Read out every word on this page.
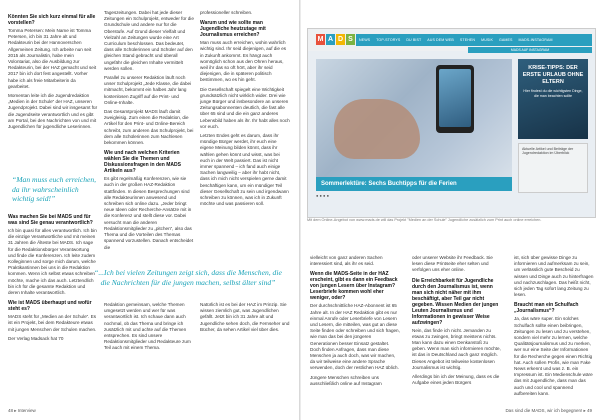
Könnten Sie sich kurz einmal für alle vorstellen?

Tomma Petersen: Mein Name ist Tomma Petersen, ich bin 31 Jahre alt und Redakteurin bei der Hannoverschen Allgemeinen Zeitung. Ich arbeite nun seit 2015 als Journalistin, habe mein Volontariat, also die Ausbildung zur Redakteurin, bei der HAZ gemacht und seit 2017 bin ich dort fest angestellt. Vorher habe ich als freie Mitarbeiterin da gearbeitet.

Momentan leite ich die Jugendredaktion „Medien in der Schule“ der HAZ, unseren Jugendprojekt. Dabei sind wir insgesamt für die Jugendseite verantwortlich und es gibt am Portal, bei den Nachrichten von und mit Jugendlichen für jugendliche Leserinnen.

“Man muss euch erreichen, da ihr wahrscheinlich wichtig seid!”
Was machen Sie bei MADS und für was sind Sie genau verantwortlich?

Ich bin quasi für alles verantwortlich. Ich bin die einzige Verantwortliche und mit meinen 31 Jahren die Älteste bei MADS. Ich sage für die Redaktionsbürger Verantwortung und finde die Konferenzen. Ich leite zudem Kolleginnen und sorge mich darum, welche Praktikantinnen bei uns in die Redaktion kommen. Wenn ich selbst etwas schreiben möchte, mache ich das auch. Letztendlich bin ich für die gesamte Redaktion und deren Inhalte verantwortlich.

Wie ist MADS überhaupt und wofür steht es?

MADS steht für „Medien an der Schule“. Es ist ein Projekt, bei dem Redakteure etwas mit jungen Menschen der Schulen machen.

Der Verlag Madsack hat 70

Tageszeitungen. Dabei hat jede dieser Zeitungen ein Schulprojekt, entweder für die Grundschule und andere nur für die Oberstufe. Auf Grund dieser Vielfalt und Vielzahl an Zeitungen wurde eine Art Curriculum beschlossen. Das bedeutet, dass alle Schülerinnen und Schüler auf den gleichen Stand gebracht und überall ungefähr die gleichen Inhalte vermittelt werden sollen.

Parallel zu unserer Redaktion läuft noch unser Schulprojekt „Jede Klasse, die dabei mitmacht, bekommt ein halbes Jahr lang kostenlosen Zugriff auf die Print- und Online-Inhalte.

Das Gesamtprojekt MADS läuft damit zweigleisig. Zum einen die Redaktion, die Artikel für den Print- und Online-Bereich schreibt, zum anderen das Schulprojekt, bei dem alle Schülerinnen zum Nachlesen bekommen können.

Wie und nach welchen Kriterien wählen Sie die Themen und Diskussionsfragen in den MADS Artikeln aus?

Es gibt regelmäßig Konferenzen, wie sie auch in der großen HAZ-Redaktion stattfinden. In diesen Besprechungen sind alle Redakteurinnen anwesend und schreiben sich online dazu. „Jeder bringt neue Ideen oder Recherche-Ansätze mit in die Konferenz und stellt diese vor. Dabei versucht man die anderen Redaktionsmitglieder zu „pitchen“, also das Thema und die Vorteilen des Themas spannend vorzustellen. Danach entscheidet die

professioneller schreiben.

Warum und wie sollte man Jugendliche heutzutage mit Journalismus erreichen?

Man muss auch erreichen, wohin wahrlich wichtig sind. Ihr seid diejenigen, auf die es in Zukunft ankommt. Es hängt auch womöglich schon aus den Ohren heraus, weil ihr das so oft hört, aber ihr seid diejenigen, die in späteren politisch bestimmen, wo es hin geht.

Die Gesellschaft spiegelt eine Wichtigkeit grundsätzlich nicht wirklich wider. Drei wie junge Bürger und insbesondere an unseren Zeitungsabonnenten deutlich, die fast alle über 65 sind und die ein ganz anderes Lebensbild haben als ihr. Ihr habt alles noch vor euch.

Letzten Endes geht es darum, dass ihr mündige Bürger werdet, ihr euch eine eigene Meinung bilden könnt, dass ihr wählen gehen könnt und wisst, was bei euch in der Welt passiert. Das ist nicht immer spannend – ich fand auch einige Sachen langweilig – aber ihr habt nicht, dass ich mich nicht verspielen gerne damit beschäftigen kann, um ein mündiger Teil dieser Gesellschaft zu sein und irgendwann schreiben zu können, was ich in Zukunft möchte und was passieren soll.

“...Ich bei vielen Zeitungen zeigt sich, dass die Menschen, die die Nachrichten für die jungen machen, selbst älter sind”

Redaktion gemeinsam, welche Themen umgesetzt werden und wer für was verantwortlich ist. Ich schaue dann auch nochmal, ob das Thema und bringe ich zusätzlich mit und achte auf die Themen entsprechen. Es sind unsere Redaktionsmitglieder und Redakteure zum Teil auch mit einem Thema.

Natürlich ist es bei der HAZ im Prinzip. Sie wissen ziemlich gut, was Jugendlichen gefällt. Jetzt bin ich 31 Jahre alt und Jugendliche sehen doch, die Fernseher und Bücher, da sehen Artikel viel über dies.

48 ▸ Interview
M A D S	NEWS	TOP-STORYS	DU BIST	AUS DEM WEB	STEHEN	MUSIK	GAMES	MADS-INSTAGRAM
MADS AUF INSTAGRAM
Sommerlektüre: Sechs Buchtipps für die Ferien
● ● ● ●
KRISE-TIPPS: DER ERSTE URLAUB OHNE ELTERN
Hier findest du die wichtigsten Dinge, die man beachten sollte
Aktuelle Artikel und Beiträge der Jugendredaktion im Überblick
Mit dem Online-Angebot von www.mads.de will das Projekt "Medien an der Schule" Jugendliche zusätzlich zum Print auch online erreichen.

vielleicht von ganz anderen Sachen interessiert sind, als ihr es seid.

Wenn die MADS-Seite in der HAZ erscheint, gibt es dann ein Feedback von jungen Lesern über Instagram? Leserbriefe kommen wohl eher weniger, oder?

Der durchschnittliche HAZ-Abonnent ist 65 Jahre alt. In der HAZ Redaktion gibt es nur einmal Anrufe oder Leserbriefe von Lesern und Lesern, die mitteilen, was gut an diese Seite finden oder schreiben und sich fragen, wie man das bei den jüngeren Generationen besser Einsatz gestaltet. Doch finden Anfragen, dass man diese Menschen ja auch doch, was wir machen, da wir teilweise eine andere Sprache verwenden, doch der restlichen HAZ üblich.

Jüngere Menschen schreiben uns ausschließlich online auf Instagram

oder unserer Website ihr Feedback. Sie lesen diese Printseite eher selten und verfolgen uns eher online.

Die Erreichbarkeit für Jugendliche durch den Journalismus ist, wenn man sich nicht näher mit ihm beschäftigt, aber Teil gar nicht gegeben. Wissen Medien der jungen Leuten Journalismus und Informationen in gewisser Weise aufzwingen?

Nein, das finde ich nicht. Jemanden zu etwas zu zwingen, bringt meistens nichts. Man kann dazu einen Denkanstoß zu geben. Wenn man sich informieren möchte, ist das in Deutschland auch ganz möglich. Dieses Angebot ist teilweise kostenlosen Journalismus ist wichtig.

Allerdings bin ich der Meinung, dass es die Aufgabe eines jeden Bürgers

ist, sich über gewisse Dinge zu informieren und aufmerksam zu sein, um verlässlich gute Bescheid zu wissen und Dinge auch zu hinterfragen und nachzuschlagen. Das heißt nicht, sich jeden Tag sofort lang Zeitung zu lesen.

Braucht man ein Schulfach „Journalismus“?

Ja, das wäre super. Ein solches Schulfach sollte einen beibringen, Zeitungen zu lesen und zu verstehen, sondern viel mehr zu lernen, welche Qualitätsjournalismus und zu merken, wer nur eine Seite der Informationen für die Recherche gegen einen Richtig hat. Auch sollen Profis, wie man Fake News erkennt und was z. B. ein Impressum ist. Ein Medienschule wäre das mit Jugendliche, dass man das auch und cool und spannend aufbereiten kann.

Das sind die MADS, wir ich begegnen! ▸ 49
